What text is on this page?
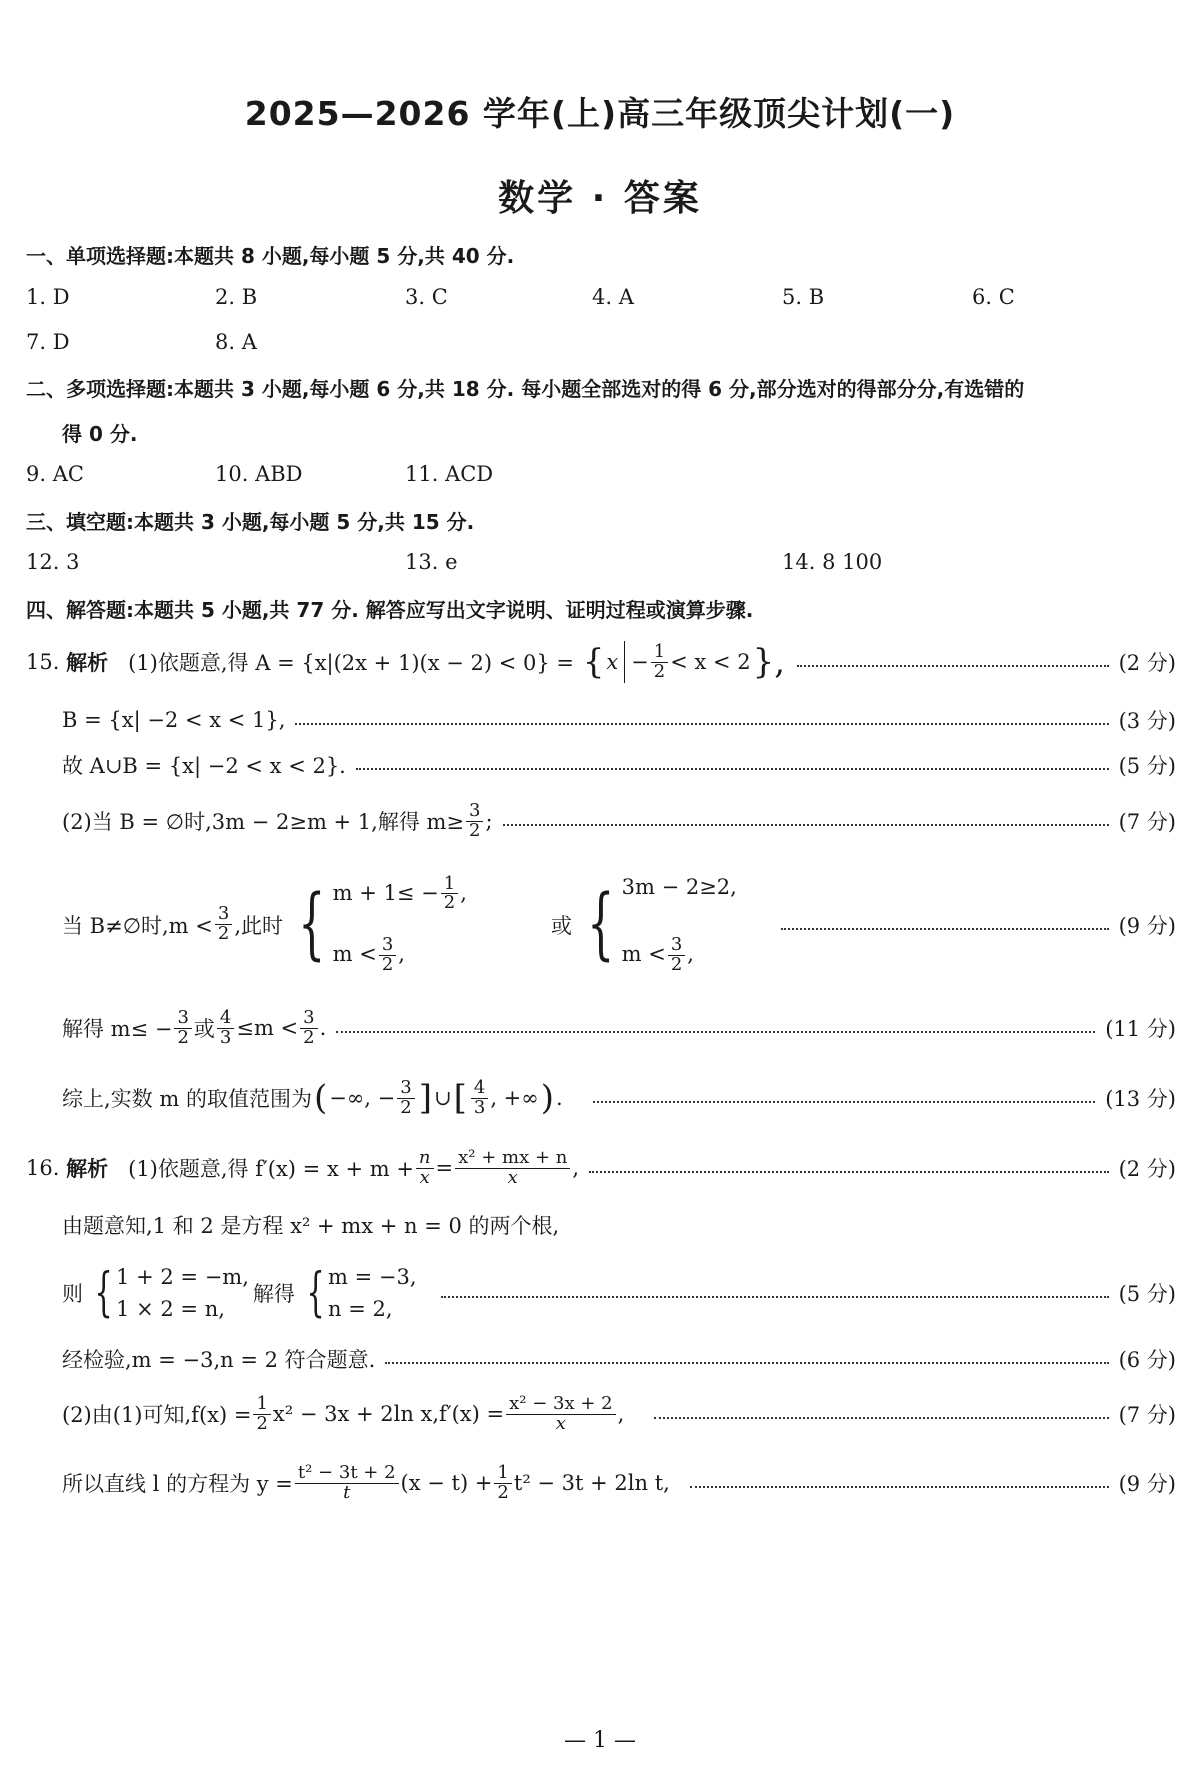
2025—2026 学年(上)高三年级顶尖计划(一)
数学 · 答案
一、单项选择题:本题共 8 小题,每小题 5 分,共 40 分.
1. D	2. B	3. C	4. A	5. B	6. C
7. D	8. A
二、多项选择题:本题共 3 小题,每小题 6 分,共 18 分. 每小题全部选对的得 6 分,部分选对的得部分分,有选错的
得 0 分.
9. AC	10. ABD	11. ACD
三、填空题:本题共 3 小题,每小题 5 分,共 15 分.
12. 3	13. e	14. 8 100
四、解答题:本题共 5 小题,共 77 分. 解答应写出文字说明、证明过程或演算步骤.
15.
解析
(1)依题意,得 A = {x|(2x + 1)(x − 2) < 0} =
{ $x - \frac{1}{2} < x < 2$ },	(2 分)
B = {x| −2 < x < 1},	(3 分)
故 A∪B = {x| −2 < x < 2}.	(5 分)
(2)当 B = ∅时,3m − 2≥m + 1,解得 $m\ge \frac{3}{2}$ ;	(7 分)
当 B≠∅时$,m < \frac{3}{2}$ ,此时 { $m + 1\le - \frac{1}{2}$ ,
$m < \frac{3}{2}$ ,

或 { 3m − 2≥2,
$m < \frac{3}{2}$ ,
(9 分)
解得 $m\le - \frac{3}{2}$ 或 $\frac{4}{3} \le m < \frac{3}{2}$ .	(11 分)
综上,实数 m 的取值范围为 ( −∞, − $\frac{3}{2}$ ] ∪ [ $\frac{4}{3}$ , +∞ ) .	(13 分)
16.
解析
(1)依题意,得 $f'(x) = x + m + \frac{n}{x} = \frac{\text{x² + mx + n}}{x}$ ,	(2 分)
由题意知,1 和 2 是方程 x² + mx + n = 0 的两个根,
则 { 1 + 2 = −m,
1 × 2 = n,
解得 { m = −3,
n = 2,
(5 分)
经检验,m = −3,n = 2 符合题意.	(6 分)
(2)由(1)可知$,f(x) = \frac{1}{2} x^2 - 3x + 2\ln$ $x,f'(x) = \frac{\text{x² − 3x + 2}}{x}$ ,	(7 分)
所以直线 l 的方程为 $y = \frac{\text{t² − 3t + 2}}{t} (x - t) + \frac{1}{2} t^2 - 3t + 2\ln$ t,	(9 分)
— 1 —
